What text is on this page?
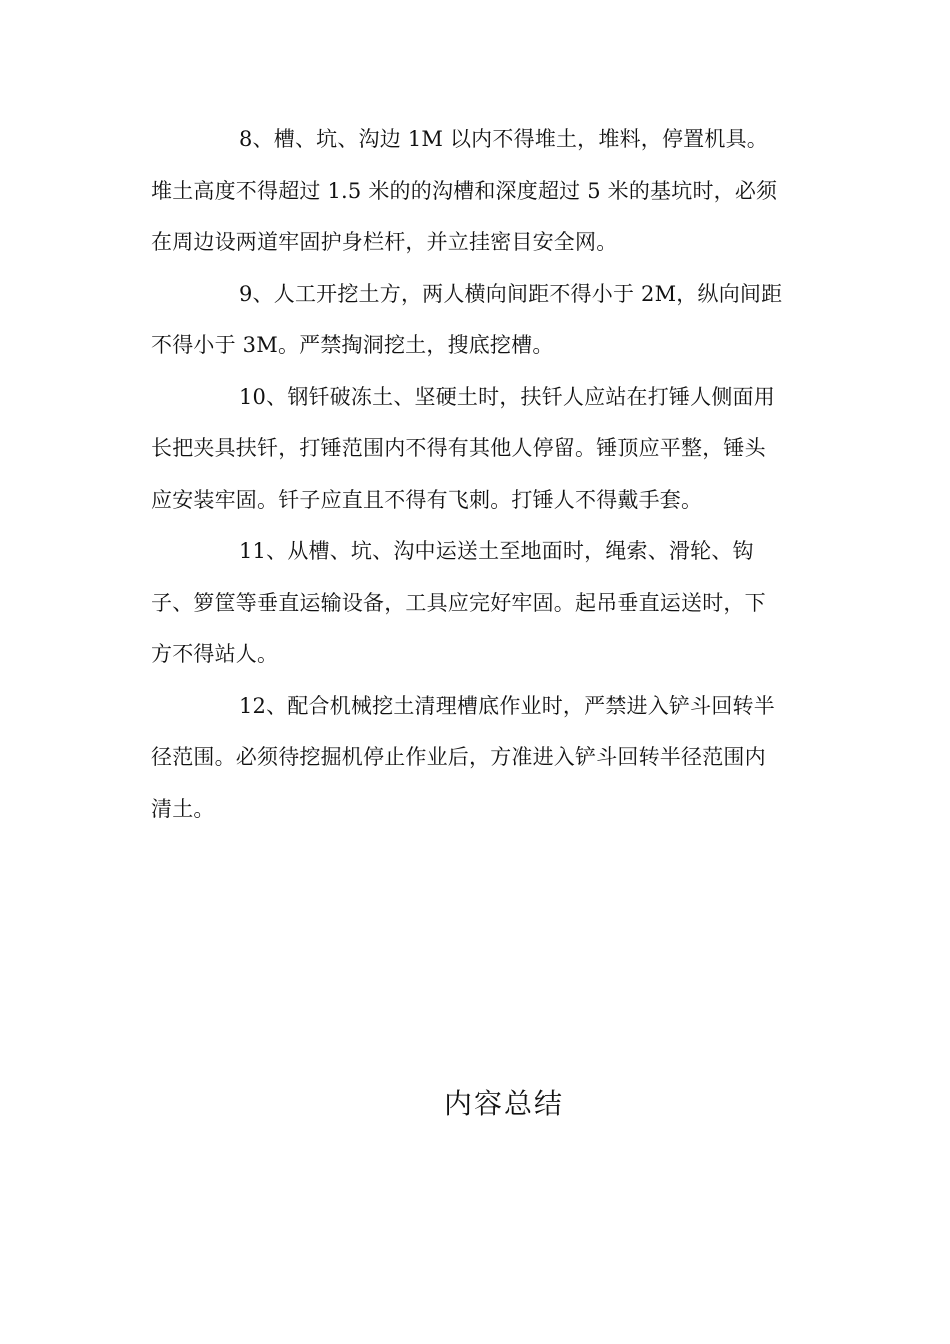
8、槽、坑、沟边 1M 以内不得堆土，堆料，停置机具。
堆土高度不得超过 1.5 米的的沟槽和深度超过 5 米的基坑时，必须
在周边设两道牢固护身栏杆，并立挂密目安全网。

9、人工开挖土方，两人横向间距不得小于 2M，纵向间距
不得小于 3M。严禁掏洞挖土，搜底挖槽。

10、钢钎破冻土、坚硬土时，扶钎人应站在打锤人侧面用
长把夹具扶钎，打锤范围内不得有其他人停留。锤顶应平整，锤头
应安装牢固。钎子应直且不得有飞刺。打锤人不得戴手套。

11、从槽、坑、沟中运送土至地面时，绳索、滑轮、钩
子、箩筐等垂直运输设备，工具应完好牢固。起吊垂直运送时，下
方不得站人。

12、配合机械挖土清理槽底作业时，严禁进入铲斗回转半
径范围。必须待挖掘机停止作业后，方准进入铲斗回转半径范围内
清土。

内容总结
